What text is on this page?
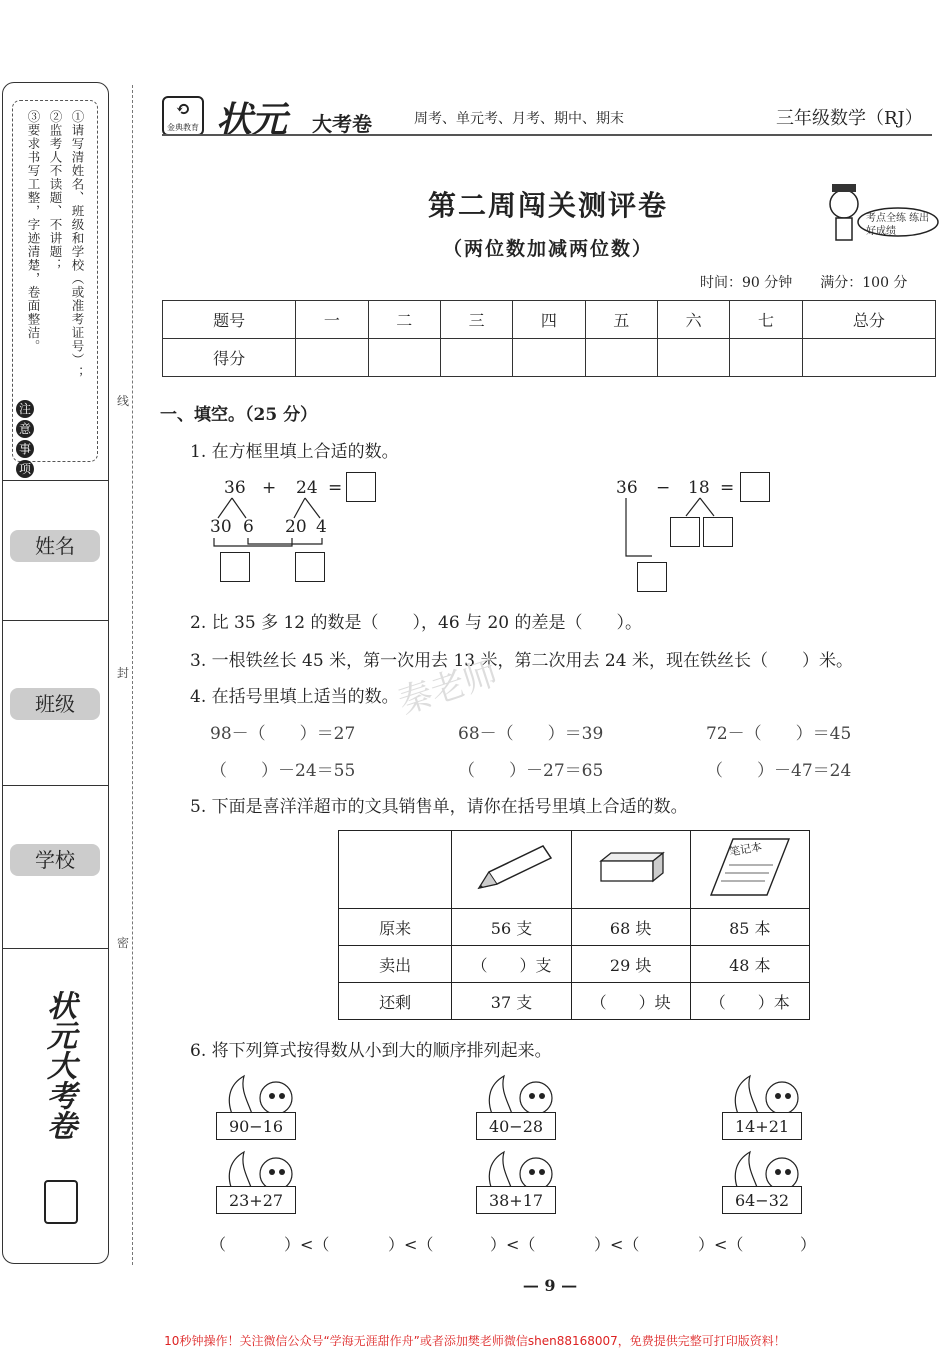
①请写清姓名、班级和学校（或准考证号）；
②监考人不读题、不讲题；
③要求书写工整，字迹清楚，卷面整洁。
注
意
事
项
姓名
班级
学校
状元大考卷
线
封
密
⟲
金典教育 状元 大考卷	周考、单元考、月考、期中、期末	三年级数学（RJ）
第二周闯关测评卷
（两位数加减两位数）
考点全练 练出好成绩
时间：90 分钟　　满分：100 分
题号	一	二	三	四	五	六	七	总分
得分								
一、填空。（25 分）
1. 在方框里填上合适的数。
36 + 24 =
30 6 20 4
36 − 18 =
2. 比 35 多 12 的数是（　　），46 与 20 的差是（　　）。
3. 一根铁丝长 45 米，第一次用去 13 米，第二次用去 24 米，现在铁丝长（　　）米。
4. 在括号里填上适当的数。
秦老师
98－（　　）＝27	68－（　　）＝39	72－（　　）＝45
（　　）－24＝55	（　　）－27＝65	（　　）－47＝24
5. 下面是喜洋洋超市的文具销售单，请你在括号里填上合适的数。

笔记本

原来	56 支	68 块	85 本
卖出	（　　）支	29 块	48 本
还剩	37 支	（　　）块	（　　）本
6. 将下列算式按得数从小到大的顺序排列起来。
90−16	40−28	14+21
23+27	38+17	64−32
（	）<（	）<（	）<（	）<（	）<（	）
— 9 —
10秒钟操作！关注微信公众号“学海无涯甜作舟”或者添加樊老师微信shen88168007，免费提供完整可打印版资料！
